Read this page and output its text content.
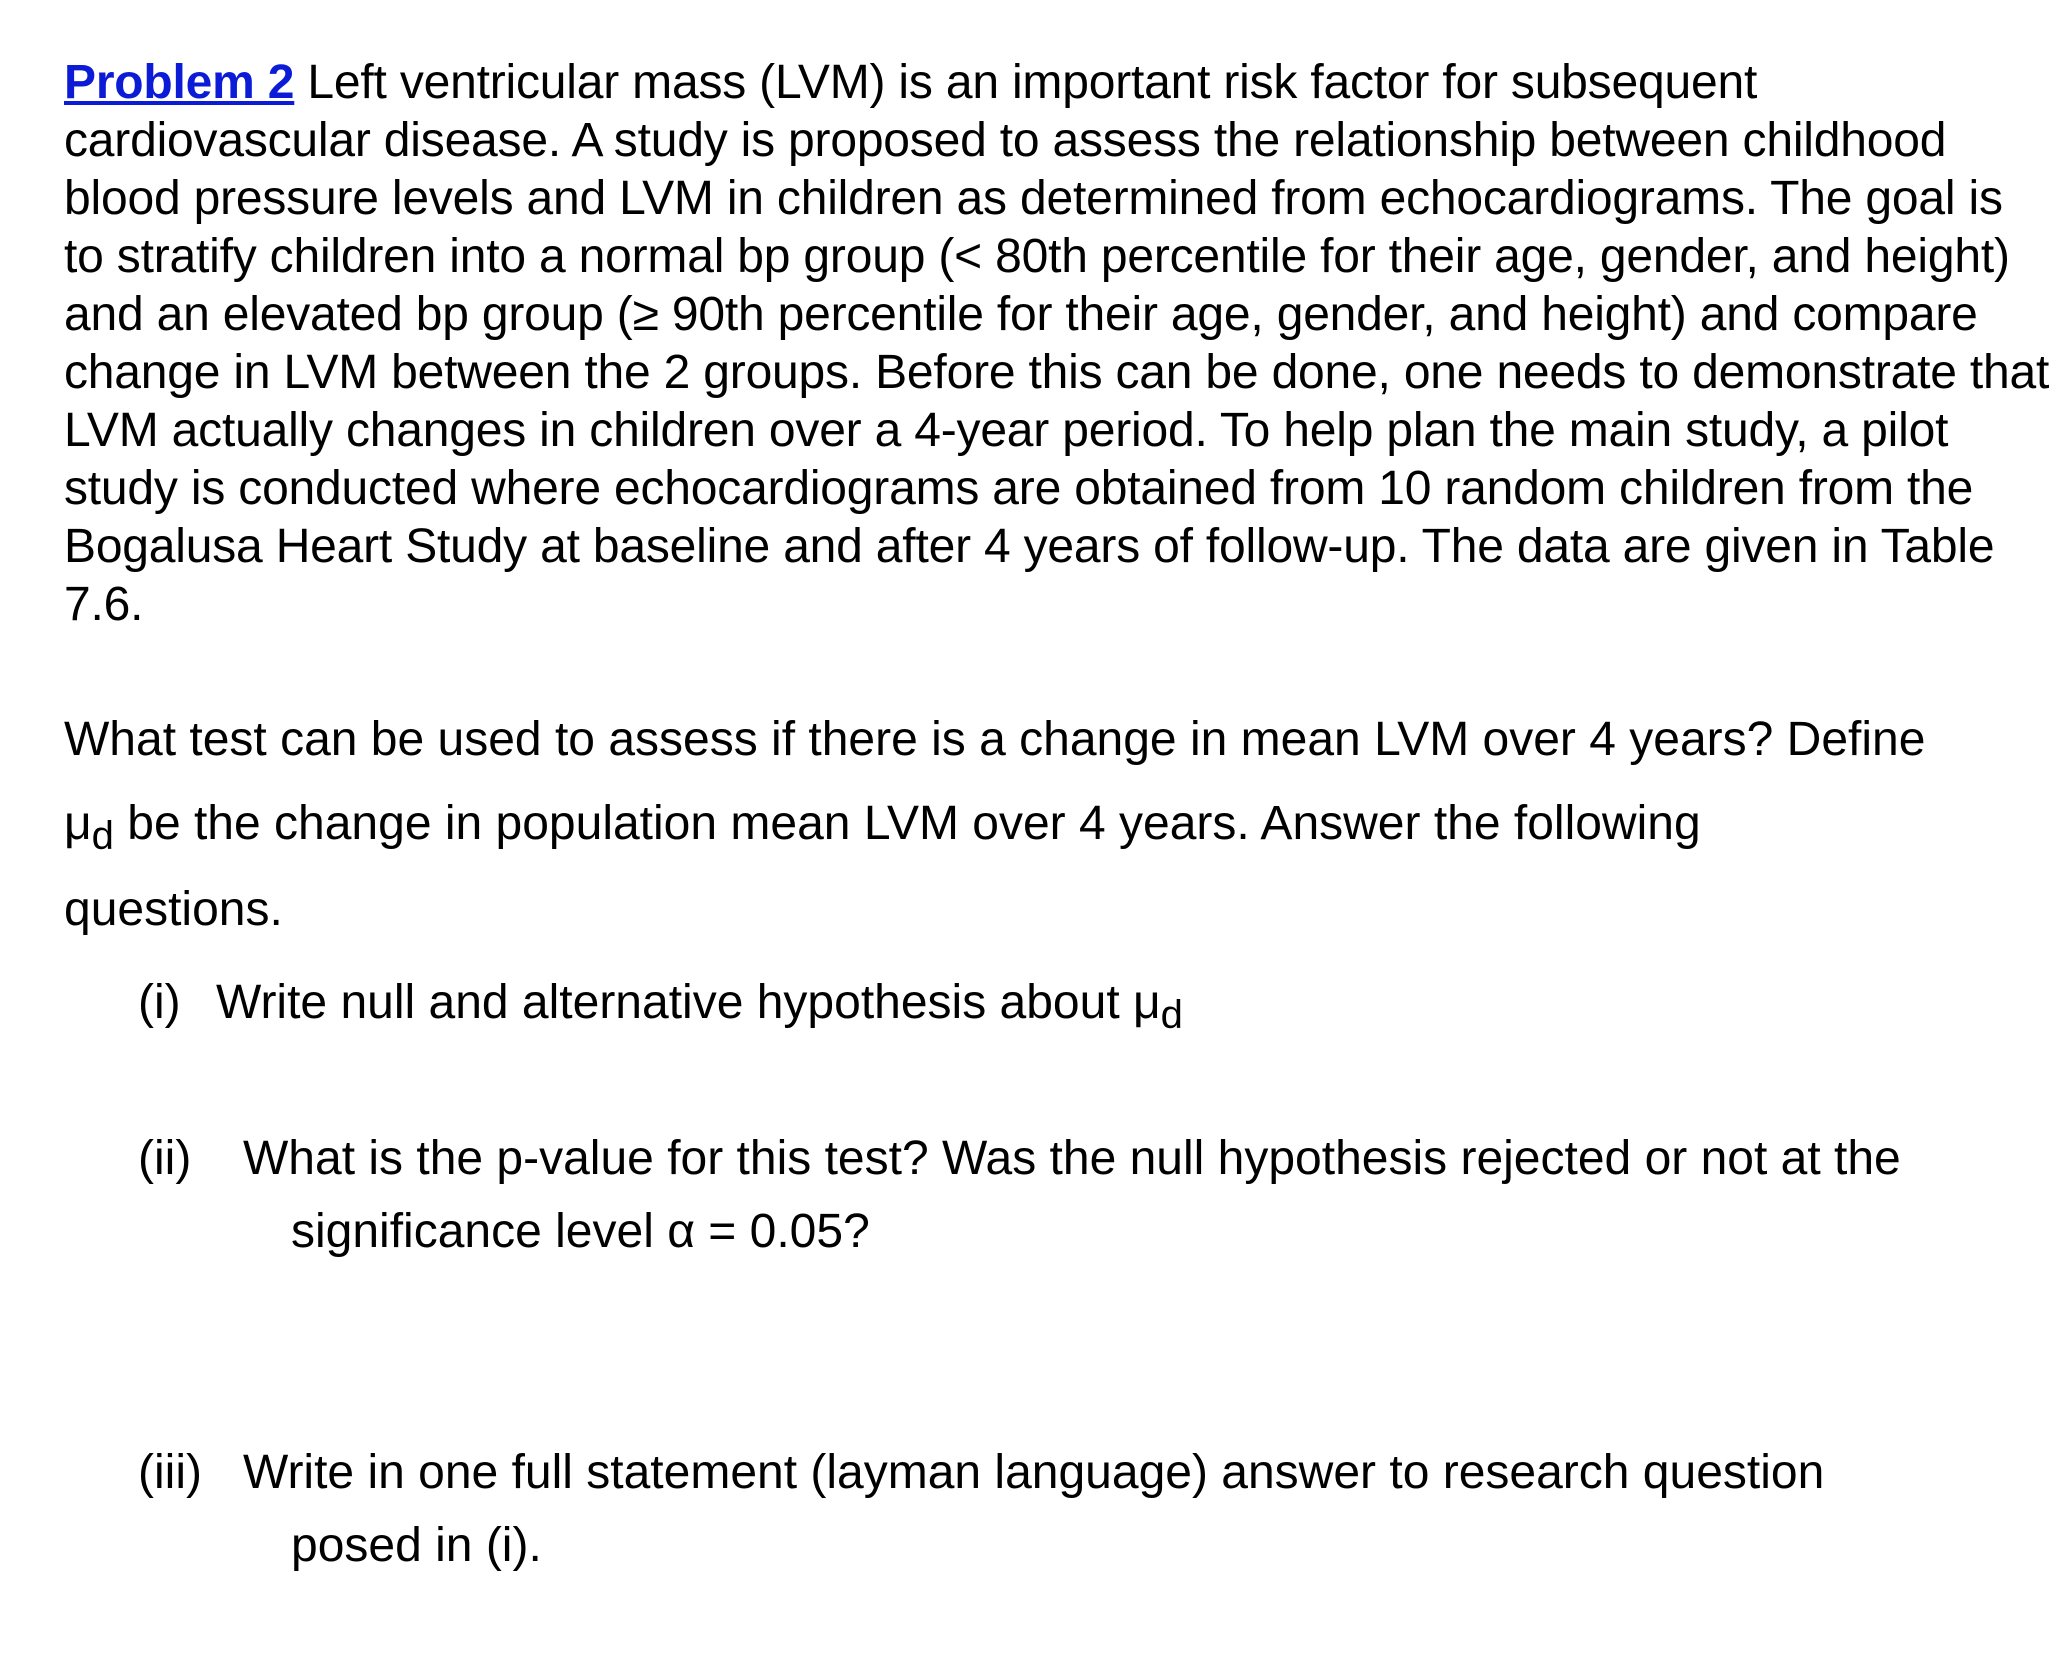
Problem 2 Left ventricular mass (LVM) is an important risk factor for subsequent cardiovascular disease. A study is proposed to assess the relationship between childhood blood pressure levels and LVM in children as determined from echocardiograms. The goal is to stratify children into a normal bp group (< 80th percentile for their age, gender, and height) and an elevated bp group (≥ 90th percentile for their age, gender, and height) and compare change in LVM between the 2 groups. Before this can be done, one needs to demonstrate that LVM actually changes in children over a 4-year period. To help plan the main study, a pilot study is conducted where echocardiograms are obtained from 10 random children from the Bogalusa Heart Study at baseline and after 4 years of follow-up. The data are given in Table 7.6.

What test can be used to assess if there is a change in mean LVM over 4 years? Define
$\mu_d$ be the change in population mean LVM over 4 years. Answer the following
questions.

(i) Write null and alternative hypothesis about $\mu_d$
(ii) What is the p-value for this test? Was the null hypothesis rejected or not at the
significance level α = 0.05?
(iii) Write in one full statement (layman language) answer to research question
posed in (i).
